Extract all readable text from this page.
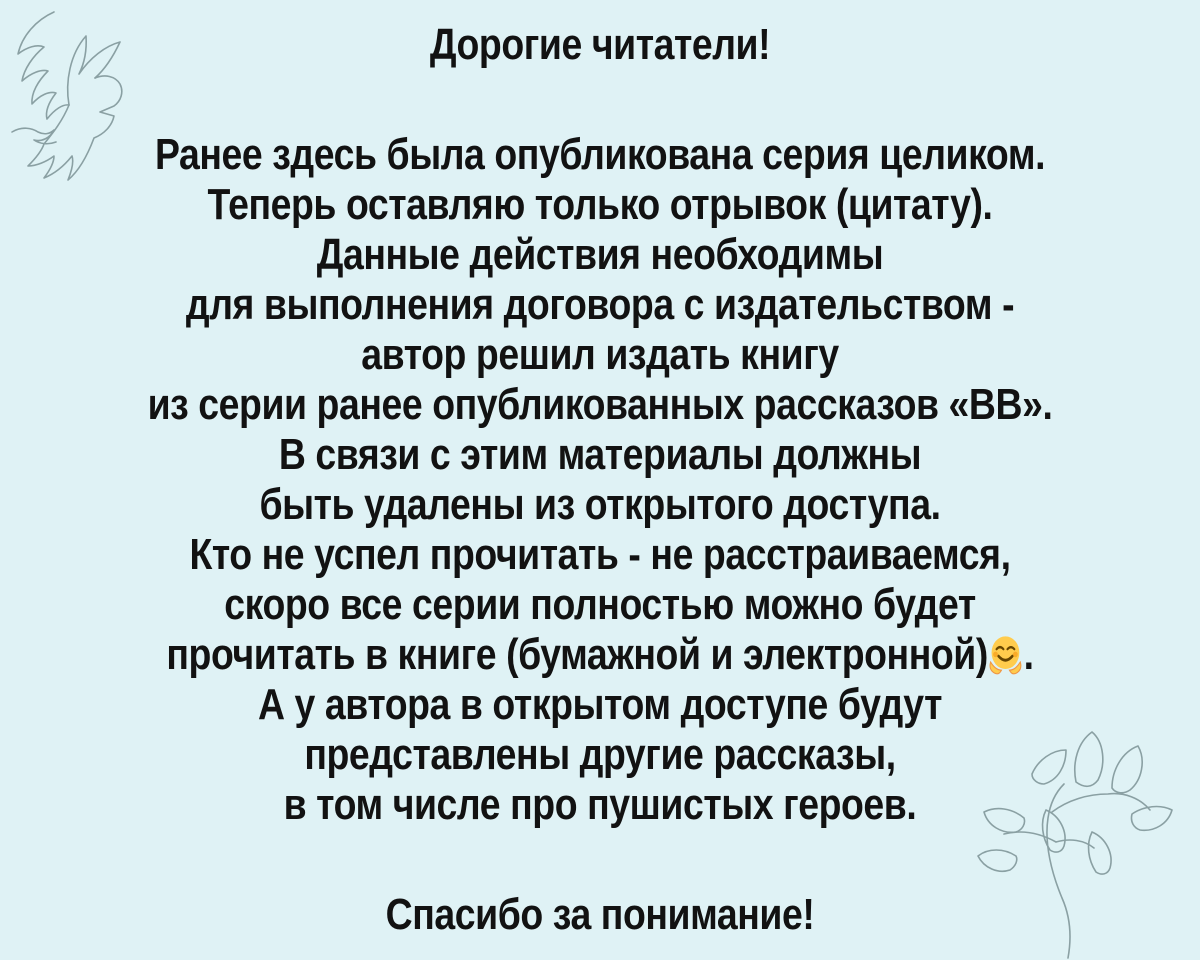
Дорогие читатели!
Ранее здесь была опубликована серия целиком.
Теперь оставляю только отрывок (цитату).
Данные действия необходимы
для выполнения договора с издательством -
автор решил издать книгу
из серии ранее опубликованных рассказов «ВВ».
В связи с этим материалы должны
быть удалены из открытого доступа.
Кто не успел прочитать - не расстраиваемся,
скоро все серии полностью можно будет
прочитать в книге (бумажной и электронной) .
А у автора в открытом доступе будут
представлены другие рассказы,
в том числе про пушистых героев.
Спасибо за понимание!
